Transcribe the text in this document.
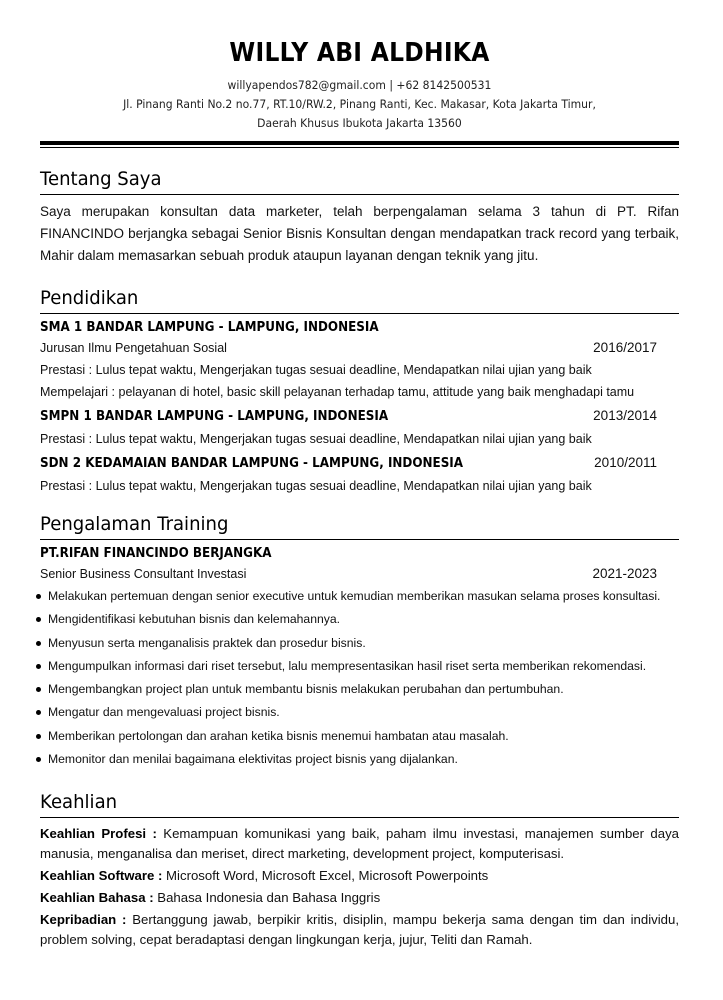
WILLY ABI ALDHIKA
willyapendos782@gmail.com | +62 8142500531
Jl. Pinang Ranti No.2 no.77, RT.10/RW.2, Pinang Ranti, Kec. Makasar, Kota Jakarta Timur,
Daerah Khusus Ibukota Jakarta 13560
Tentang Saya
Saya merupakan konsultan data marketer, telah berpengalaman selama 3 tahun di PT. Rifan FINANCINDO berjangka sebagai Senior Bisnis Konsultan dengan mendapatkan track record yang terbaik, Mahir dalam memasarkan sebuah produk ataupun layanan dengan teknik yang jitu.
Pendidikan
SMA 1 BANDAR LAMPUNG - LAMPUNG, INDONESIA
Jurusan Ilmu Pengetahuan Sosial	2016/2017
Prestasi : Lulus tepat waktu, Mengerjakan tugas sesuai deadline, Mendapatkan nilai ujian yang baik
Mempelajari : pelayanan di hotel, basic skill pelayanan terhadap tamu, attitude yang baik menghadapi tamu
SMPN 1 BANDAR LAMPUNG - LAMPUNG, INDONESIA	2013/2014
Prestasi : Lulus tepat waktu, Mengerjakan tugas sesuai deadline, Mendapatkan nilai ujian yang baik
SDN 2 KEDAMAIAN BANDAR LAMPUNG - LAMPUNG, INDONESIA	2010/2011
Prestasi : Lulus tepat waktu, Mengerjakan tugas sesuai deadline, Mendapatkan nilai ujian yang baik
Pengalaman Training
PT.RIFAN FINANCINDO BERJANGKA
Senior Business Consultant Investasi	2021-2023
Melakukan pertemuan dengan senior executive untuk kemudian memberikan masukan selama proses konsultasi.
Mengidentifikasi kebutuhan bisnis dan kelemahannya.
Menyusun serta menganalisis praktek dan prosedur bisnis.
Mengumpulkan informasi dari riset tersebut, lalu mempresentasikan hasil riset serta memberikan rekomendasi.
Mengembangkan project plan untuk membantu bisnis melakukan perubahan dan pertumbuhan.
Mengatur dan mengevaluasi project bisnis.
Memberikan pertolongan dan arahan ketika bisnis menemui hambatan atau masalah.
Memonitor dan menilai bagaimana elektivitas project bisnis yang dijalankan.
Keahlian
Keahlian Profesi : Kemampuan komunikasi yang baik, paham ilmu investasi, manajemen sumber daya manusia, menganalisa dan meriset, direct marketing, development project, komputerisasi.
Keahlian Software : Microsoft Word, Microsoft Excel, Microsoft Powerpoints
Keahlian Bahasa : Bahasa Indonesia dan Bahasa Inggris
Kepribadian : Bertanggung jawab, berpikir kritis, disiplin, mampu bekerja sama dengan tim dan individu, problem solving, cepat beradaptasi dengan lingkungan kerja, jujur, Teliti dan Ramah.
